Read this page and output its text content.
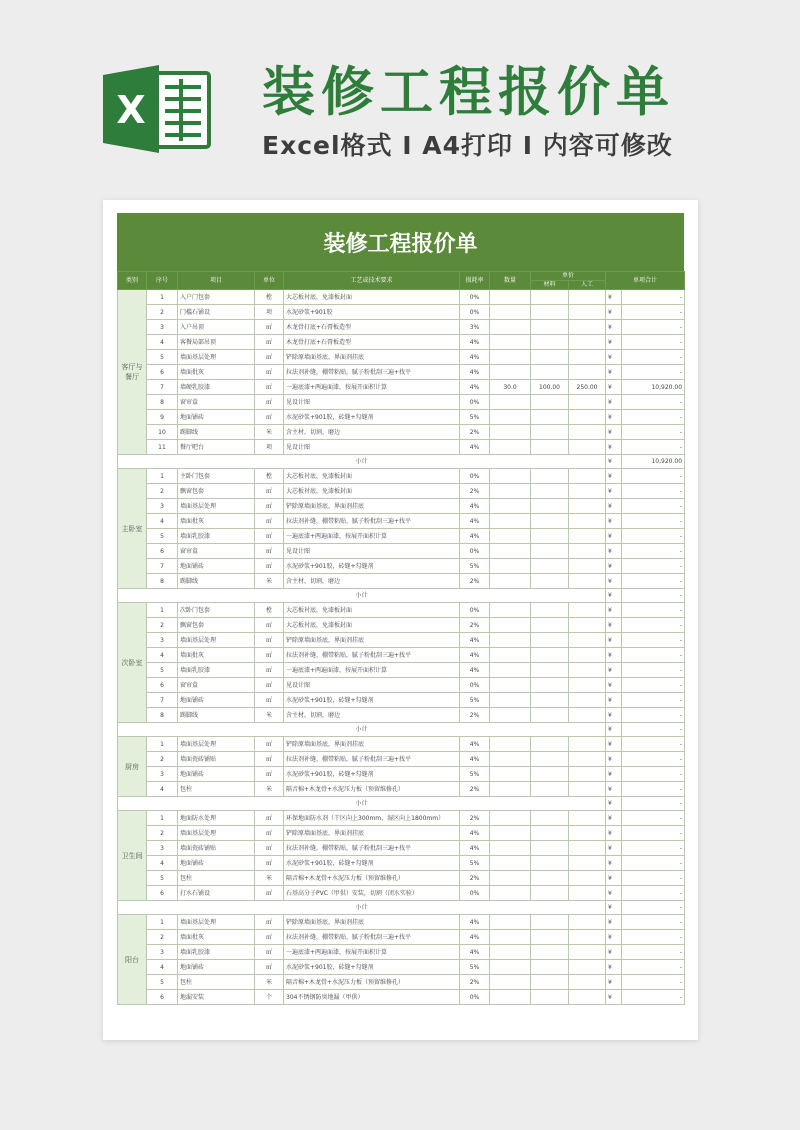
X 装修工程报价单
Excel格式 I A4打印 I 内容可修改
装修工程报价单
类别	序号	项目	单位	工艺或技术要求	损耗率	数量	单价		单项合计	
							材料	人工		
客厅与餐厅	1	入户门包套	樘	大芯板衬底，免漆板封面	0%				¥	-
	2	门槛石铺设	项	水泥砂浆+901胶	0%				¥	-
	3	入户吊顶	㎡	木龙骨打底+石膏板造型	3%				¥	-
	4	客餐局部吊顶	㎡	木龙骨打底+石膏板造型	4%				¥	-
	5	墙面基层处理	㎡	铲除原墙面基底，界面剂挂底	4%				¥	-
	6	墙面批灰	㎡	拉法剂补缝，棚带粘贴，腻子粉批刮三遍+找平	4%				¥	-
	7	墙硬乳胶漆	㎡	一遍底漆+两遍面漆，按展开面积计算	4%	30.0	100.00	250.00	¥	10,920.00
	8	窗帘盒	㎡	见设计图	0%				¥	-
	9	地面铺砖	㎡	水泥砂浆+901胶，砖缝+勾缝剂	5%				¥	-
	10	踢脚线	米	含主材，切割，磨边	2%				¥	-
	11	餐厅吧台	项	见设计图	4%				¥	-
小计									¥	10,920.00
主卧室	1	主卧门包套	樘	大芯板衬底，免漆板封面	0%				¥	-
	2	飘窗包套	㎡	大芯板衬底，免漆板封面	2%				¥	-
	3	墙面基层处理	㎡	铲除原墙面基底，界面剂挂底	4%				¥	-
	4	墙面批灰	㎡	拉法剂补缝，棚带粘贴，腻子粉批刮三遍+找平	4%				¥	-
	5	墙面乳胶漆	㎡	一遍底漆+两遍面漆，按展开面积计算	4%				¥	-
	6	窗帘盒	㎡	见设计图	0%				¥	-
	7	地面铺砖	㎡	水泥砂浆+901胶，砖缝+勾缝剂	5%				¥	-
	8	踢脚线	米	含主材，切割，磨边	2%				¥	-
小计									¥	-
次卧室	1	次卧门包套	樘	大芯板衬底，免漆板封面	0%				¥	-
	2	飘窗包套	㎡	大芯板衬底，免漆板封面	2%				¥	-
	3	墙面基层处理	㎡	铲除原墙面基底，界面剂挂底	4%				¥	-
	4	墙面批灰	㎡	拉法剂补缝，棚带粘贴，腻子粉批刮三遍+找平	4%				¥	-
	5	墙面乳胶漆	㎡	一遍底漆+两遍面漆，按展开面积计算	4%				¥	-
	6	窗帘盒	㎡	见设计图	0%				¥	-
	7	地面铺砖	㎡	水泥砂浆+901胶，砖缝+勾缝剂	5%				¥	-
	8	踢脚线	米	含主材，切割，磨边	2%				¥	-
小计									¥	-
厨房	1	墙面基层处理	㎡	铲除原墙面基底，界面剂挂底	4%				¥	-
	2	墙面瓷砖铺贴	㎡	拉法剂补缝，棚带粘贴，腻子粉批刮三遍+找平	4%				¥	-
	3	地面铺砖	㎡	水泥砂浆+901胶，砖缝+勾缝剂	5%				¥	-
	4	包柱	米	隔音棉+木龙骨+水泥压力板（预留维修孔）	2%				¥	-
小计									¥	-
卫生间	1	地面防水处理	㎡	环保地面防水剂（干区向上300mm，湿区向上1800mm）	2%				¥	-
	2	墙面基层处理	㎡	铲除原墙面基底，界面剂挂底	4%				¥	-
	3	墙面瓷砖铺贴	㎡	拉法剂补缝，棚带粘贴，腻子粉批刮三遍+找平	4%				¥	-
	4	地面铺砖	㎡	水泥砂浆+901胶，砖缝+勾缝剂	5%				¥	-
	5	包柱	米	隔音棉+木龙骨+水泥压力板（预留维修孔）	2%				¥	-
	6	打水石铺设	㎡	石基高分子PVC（甲供）安装，切割（闭水实验）	0%				¥	-
小计									¥	-
阳台	1	墙面基层处理	㎡	铲除原墙面基底，界面剂挂底	4%				¥	-
	2	墙面批灰	㎡	拉法剂补缝，棚带粘贴，腻子粉批刮三遍+找平	4%				¥	-
	3	墙面乳胶漆	㎡	一遍底漆+两遍面漆，按展开面积计算	4%				¥	-
	4	地面铺砖	㎡	水泥砂浆+901胶，砖缝+勾缝剂	5%				¥	-
	5	包柱	米	隔音棉+木龙骨+水泥压力板（预留维修孔）	2%				¥	-
	6	地漏安装	个	304不锈钢防臭地漏（甲供）	0%				¥	-
